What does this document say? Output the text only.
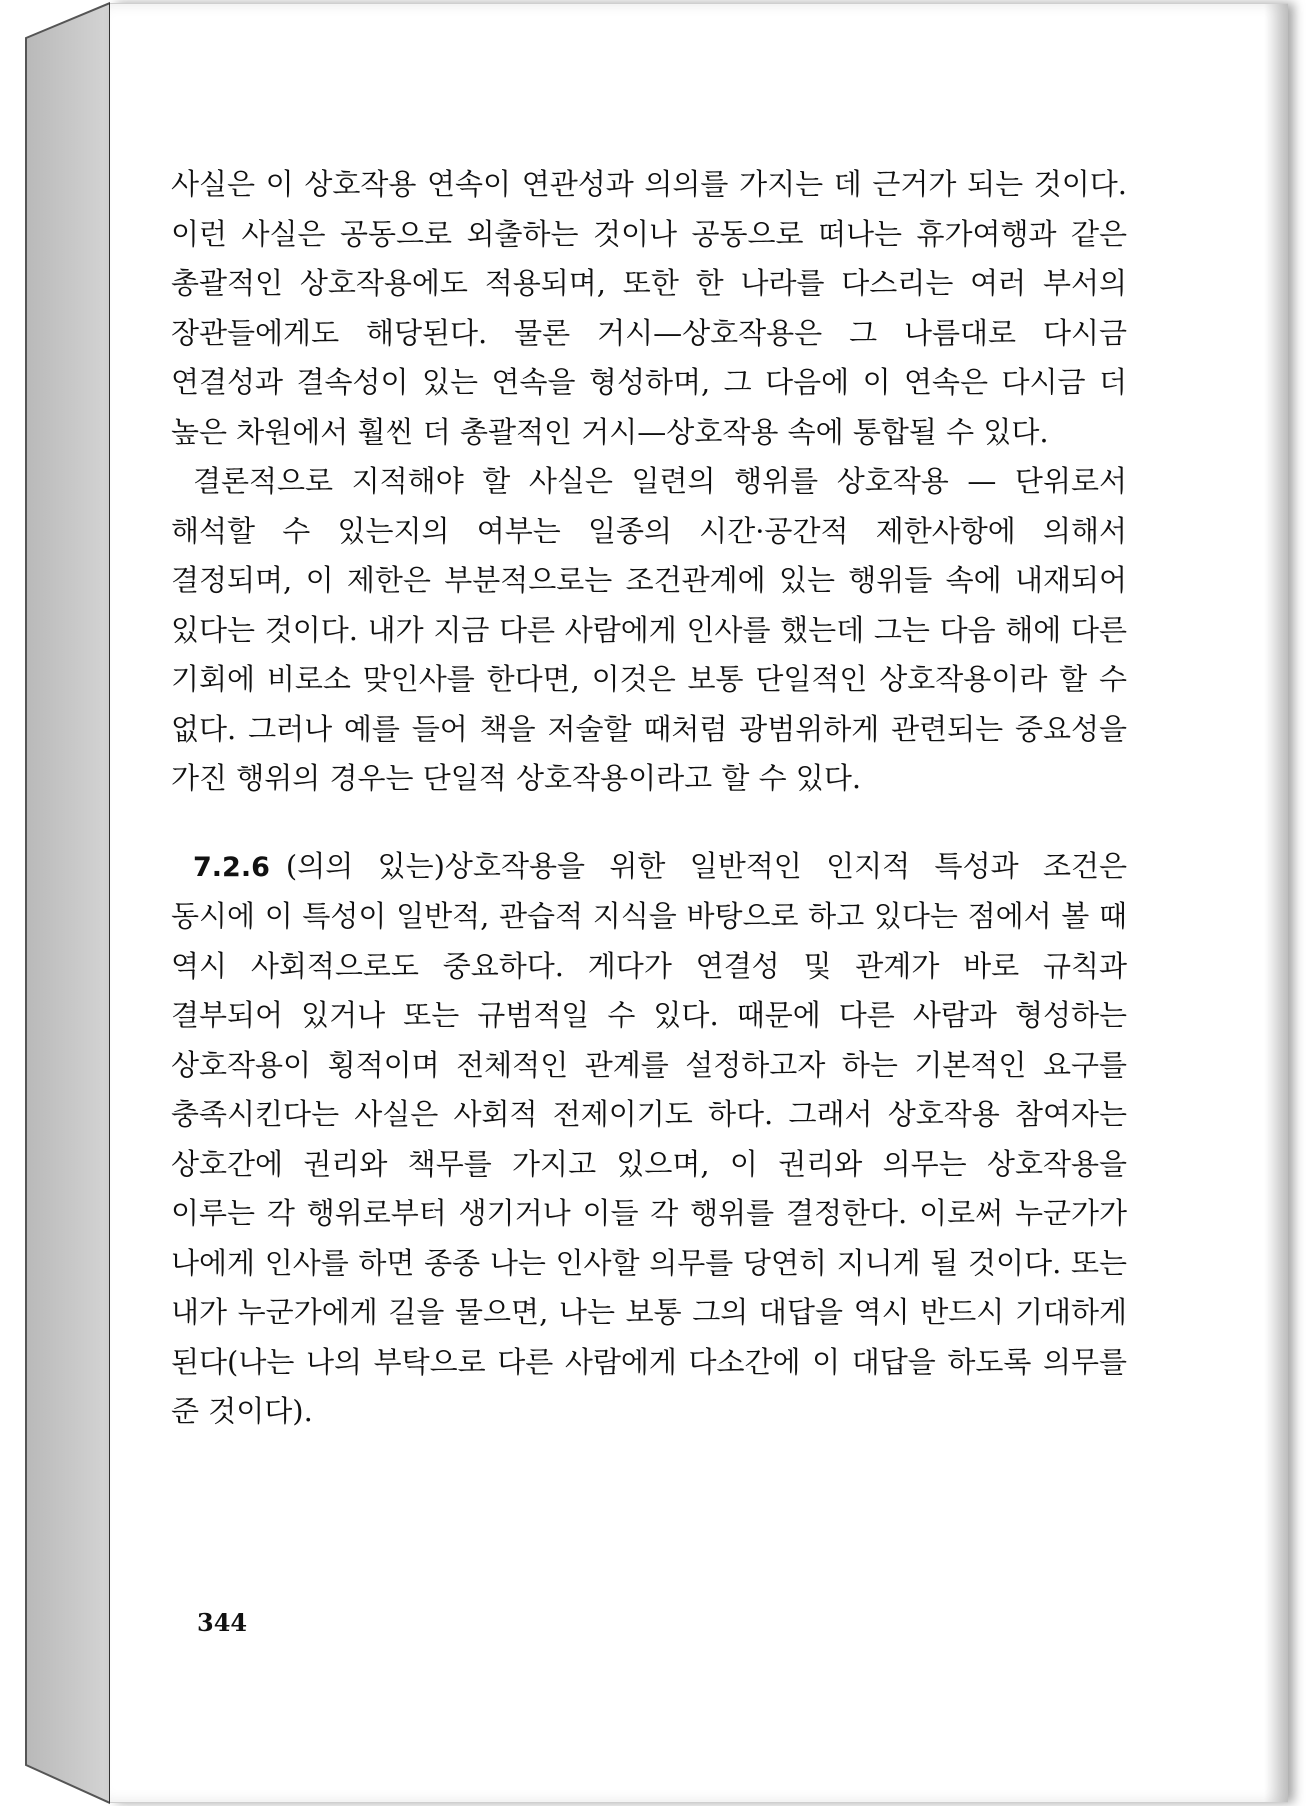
사실은 이 상호작용 연속이 연관성과 의의를 가지는 데 근거가 되는 것이다. 이런 사실은 공동으로 외출하는 것이나 공동으로 떠나는 휴가여행과 같은 총괄적인 상호작용에도 적용되며, 또한 한 나라를 다스리는 여러 부서의 장관들에게도 해당된다. 물론 거시—상호작용은 그 나름대로 다시금 연결성과 결속성이 있는 연속을 형성하며, 그 다음에 이 연속은 다시금 더 높은 차원에서 훨씬 더 총괄적인 거시—상호작용 속에 통합될 수 있다.

결론적으로 지적해야 할 사실은 일련의 행위를 상호작용 — 단위로서 해석할 수 있는지의 여부는 일종의 시간·공간적 제한사항에 의해서 결정되며, 이 제한은 부분적으로는 조건관계에 있는 행위들 속에 내재되어 있다는 것이다. 내가 지금 다른 사람에게 인사를 했는데 그는 다음 해에 다른 기회에 비로소 맞인사를 한다면, 이것은 보통 단일적인 상호작용이라 할 수 없다. 그러나 예를 들어 책을 저술할 때처럼 광범위하게 관련되는 중요성을 가진 행위의 경우는 단일적 상호작용이라고 할 수 있다.

7.2.6 (의의 있는)상호작용을 위한 일반적인 인지적 특성과 조건은 동시에 이 특성이 일반적, 관습적 지식을 바탕으로 하고 있다는 점에서 볼 때 역시 사회적으로도 중요하다. 게다가 연결성 및 관계가 바로 규칙과 결부되어 있거나 또는 규범적일 수 있다. 때문에 다른 사람과 형성하는 상호작용이 횡적이며 전체적인 관계를 설정하고자 하는 기본적인 요구를 충족시킨다는 사실은 사회적 전제이기도 하다. 그래서 상호작용 참여자는 상호간에 권리와 책무를 가지고 있으며, 이 권리와 의무는 상호작용을 이루는 각 행위로부터 생기거나 이들 각 행위를 결정한다. 이로써 누군가가 나에게 인사를 하면 종종 나는 인사할 의무를 당연히 지니게 될 것이다. 또는 내가 누군가에게 길을 물으면, 나는 보통 그의 대답을 역시 반드시 기대하게 된다(나는 나의 부탁으로 다른 사람에게 다소간에 이 대답을 하도록 의무를 준 것이다).

344
